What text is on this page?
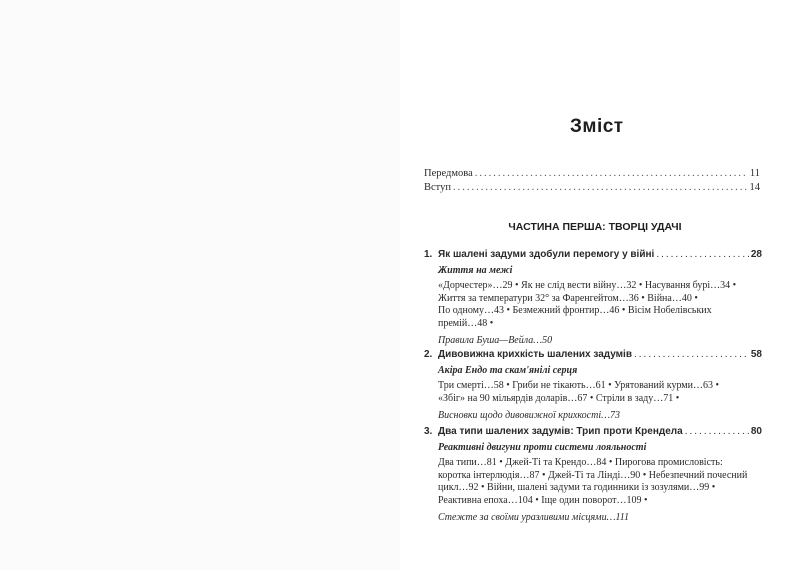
Зміст
Передмова .....	11
Вступ .....	14
ЧАСТИНА ПЕРША: ТВОРЦІ УДАЧІ
1. Як шалені задуми здобули перемогу у війні .....	28
Життя на межі
«Дорчестер»…29 • Як не слід вести війну…32 • Насування бурі…34 •
Життя за температури 32° за Фаренгейтом…36 • Війна…40 •
По одному…43 • Безмежний фронтир…46 • Вісім Нобелівських
премій…48 •
Правила Буша—Вейла…50
2. Дивовижна крихкість шалених задумів .....	58
Акіра Ендо та скам'янілі серця
Три смерті…58 • Гриби не тікають…61 • Урятований курми…63 •
«Збіг» на 90 мільярдів доларів…67 • Стріли в заду…71 •
Висновки щодо дивовижної крихкості…73
3. Два типи шалених задумів: Трип проти Крендела .....	80
Реактивні двигуни проти системи лояльності
Два типи…81 • Джей-Ті та Крендо…84 • Пирогова промисловість:
коротка інтерлюдія…87 • Джей-Ті та Лінді…90 • Небезпечний почесний
цикл…92 • Війни, шалені задуми та годинники із зозулями…99 •
Реактивна епоха…104 • Іще один поворот…109 •
Стежте за своїми уразливими місцями…111
